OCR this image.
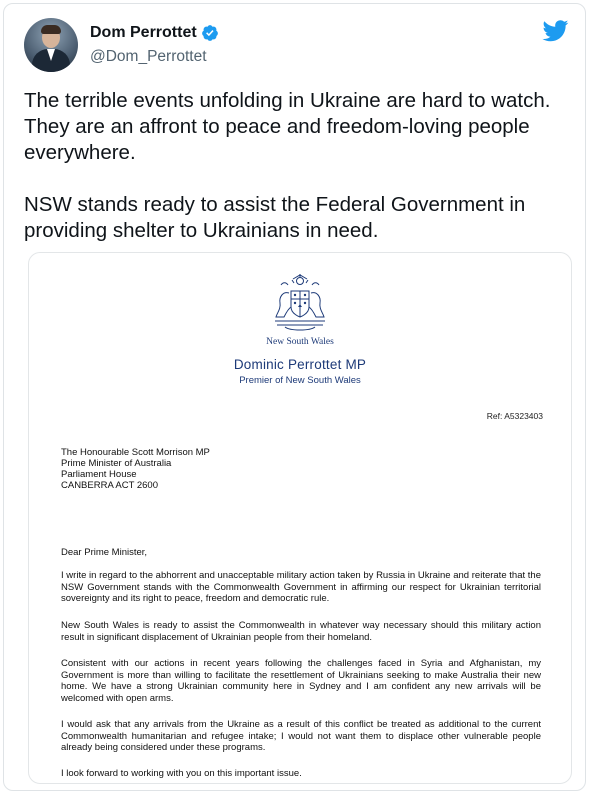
Dom Perrottet
@Dom_Perrottet
The terrible events unfolding in Ukraine are hard to watch.
They are an affront to peace and freedom-loving people
everywhere.

NSW stands ready to assist the Federal Government in
providing shelter to Ukrainians in need.
New South Wales
Dominic Perrottet MP
Premier of New South Wales
Ref: A5323403
The Honourable Scott Morrison MP
Prime Minister of Australia
Parliament House
CANBERRA ACT 2600
Dear Prime Minister,
I write in regard to the abhorrent and unacceptable military action taken by Russia in Ukraine and reiterate that the NSW Government stands with the Commonwealth Government in affirming our respect for Ukrainian territorial sovereignty and its right to peace, freedom and democratic rule.
New South Wales is ready to assist the Commonwealth in whatever way necessary should this military action result in significant displacement of Ukrainian people from their homeland.
Consistent with our actions in recent years following the challenges faced in Syria and Afghanistan, my Government is more than willing to facilitate the resettlement of Ukrainians seeking to make Australia their new home. We have a strong Ukrainian community here in Sydney and I am confident any new arrivals will be welcomed with open arms.
I would ask that any arrivals from the Ukraine as a result of this conflict be treated as additional to the current Commonwealth humanitarian and refugee intake; I would not want them to displace other vulnerable people already being considered under these programs.
I look forward to working with you on this important issue.
